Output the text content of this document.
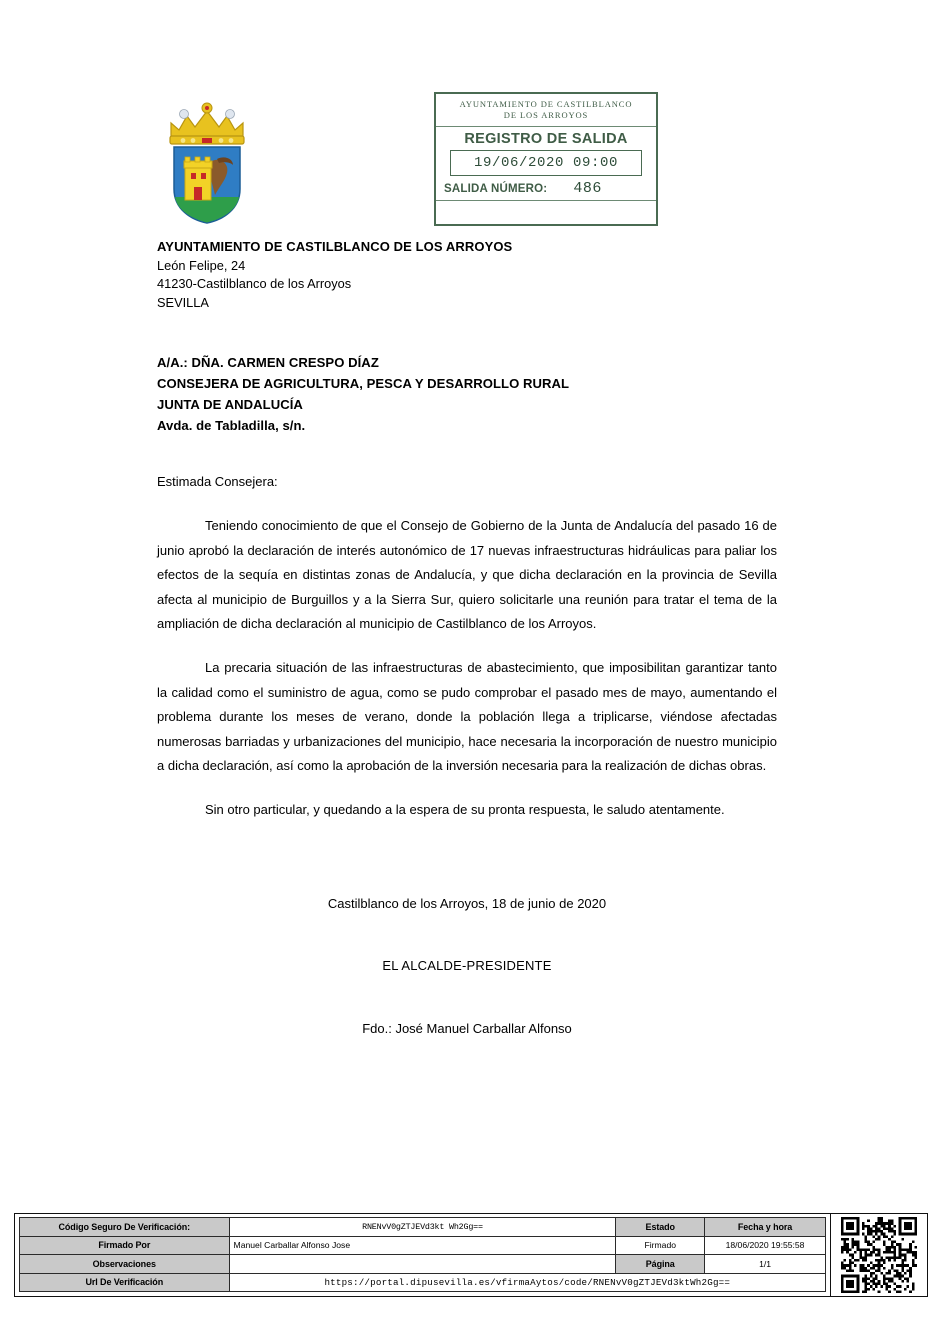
AYUNTAMIENTO DE CASTILBLANCO
DE LOS ARROYOS
REGISTRO DE SALIDA
19/06/2020 09:00
SALIDA NÚMERO: 486
AYUNTAMIENTO DE CASTILBLANCO DE LOS ARROYOS
León Felipe, 24
41230-Castilblanco de los Arroyos
SEVILLA
A/A.: DÑA. CARMEN CRESPO DÍAZ
CONSEJERA DE AGRICULTURA, PESCA Y DESARROLLO RURAL
JUNTA DE ANDALUCÍA
Avda. de Tabladilla, s/n.

Estimada Consejera:

Teniendo conocimiento de que el Consejo de Gobierno de la Junta de Andalucía del pasado 16 de junio aprobó la declaración de interés autonómico de 17 nuevas infraestructuras hidráulicas para paliar los efectos de la sequía en distintas zonas de Andalucía, y que dicha declaración en la provincia de Sevilla afecta al municipio de Burguillos y a la Sierra Sur, quiero solicitarle una reunión para tratar el tema de la ampliación de dicha declaración al municipio de Castilblanco de los Arroyos.

La precaria situación de las infraestructuras de abastecimiento, que imposibilitan garantizar tanto la calidad como el suministro de agua, como se pudo comprobar el pasado mes de mayo, aumentando el problema durante los meses de verano, donde la población llega a triplicarse, viéndose afectadas numerosas barriadas y urbanizaciones del municipio, hace necesaria la incorporación de nuestro municipio a dicha declaración, así como la aprobación de la inversión necesaria para la realización de dichas obras.

Sin otro particular, y quedando a la espera de su pronta respuesta, le saludo atentamente.

Castilblanco de los Arroyos, 18 de junio de 2020
EL ALCALDE-PRESIDENTE
Fdo.: José Manuel Carballar Alfonso
Código Seguro De Verificación:	RNENvV0gZTJEVd3kt Wh2Gg==	Estado	Fecha y hora
Firmado Por	Manuel Carballar Alfonso Jose	Firmado	18/06/2020 19:55:58
Observaciones		Página	1/1
Url De Verificación	https://portal.dipusevilla.es/vfirmaAytos/code/RNENvV0gZTJEVd3ktWh2Gg==		
